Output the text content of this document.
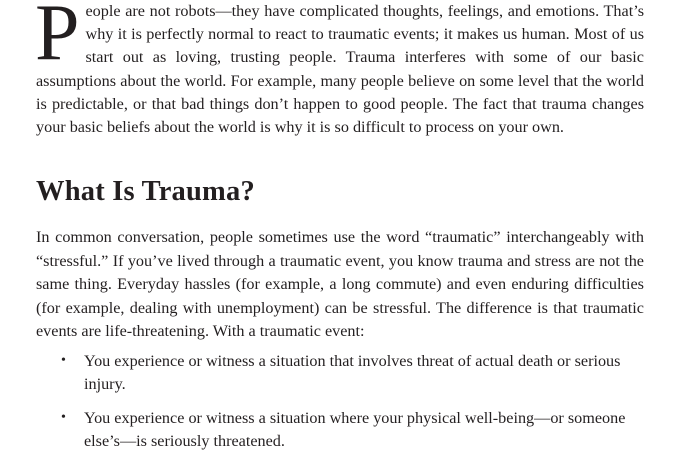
People are not robots—they have complicated thoughts, feelings, and emotions. That’s why it is perfectly normal to react to traumatic events; it makes us human. Most of us start out as loving, trusting people. Trauma interferes with some of our basic assumptions about the world. For example, many people believe on some level that the world is predictable, or that bad things don’t happen to good people. The fact that trauma changes your basic beliefs about the world is why it is so difficult to process on your own.

What Is Trauma?

In common conversation, people sometimes use the word “traumatic” interchangeably with “stressful.” If you’ve lived through a traumatic event, you know trauma and stress are not the same thing. Everyday hassles (for example, a long commute) and even enduring difficulties (for example, dealing with unemployment) can be stressful. The difference is that traumatic events are life-threatening. With a traumatic event:

• You experience or witness a situation that involves threat of actual death or serious injury.
• You experience or witness a situation where your physical well-being—or someone else’s—is seriously threatened.
